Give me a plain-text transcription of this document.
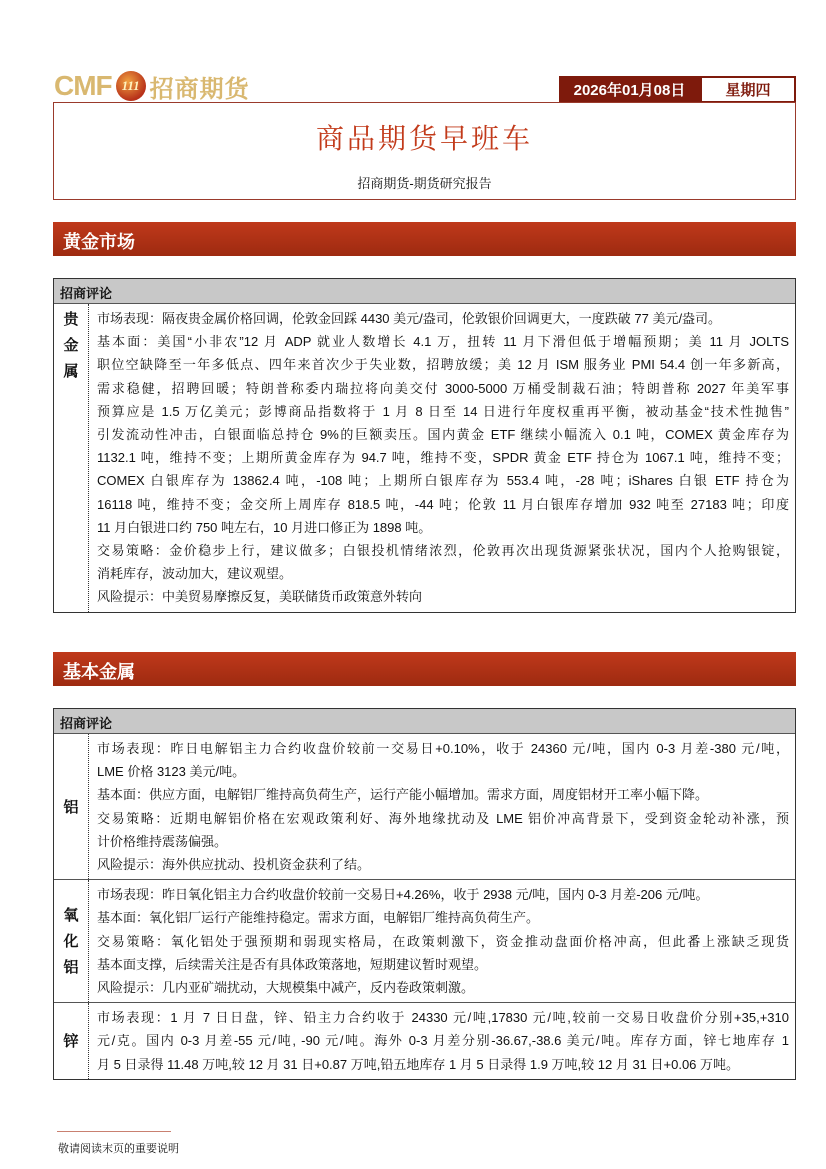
CMF 111 招商期货	2026年01月08日	星期四
商品期货早班车
招商期货-期货研究报告
黄金市场
招商评论
贵
金
属
市场表现：隔夜贵金属价格回调，伦敦金回踩 4430 美元/盎司，伦敦银价回调更大，一度跌破 77 美元/盎司。
基本面：美国“小非农”12 月 ADP 就业人数增长 4.1 万，扭转 11 月下滑但低于增幅预期；美 11 月 JOLTS
职位空缺降至一年多低点、四年来首次少于失业数，招聘放缓；美 12 月 ISM 服务业 PMI 54.4 创一年多新高，
需求稳健，招聘回暖；特朗普称委内瑞拉将向美交付 3000-5000 万桶受制裁石油；特朗普称 2027 年美军事
预算应是 1.5 万亿美元；彭博商品指数将于 1 月 8 日至 14 日进行年度权重再平衡，被动基金“技术性抛售”
引发流动性冲击，白银面临总持仓 9%的巨额卖压。国内黄金 ETF 继续小幅流入 0.1 吨，COMEX 黄金库存为
1132.1 吨，维持不变；上期所黄金库存为 94.7 吨，维持不变，SPDR 黄金 ETF 持仓为 1067.1 吨，维持不变；
COMEX 白银库存为 13862.4 吨，-108 吨；上期所白银库存为 553.4 吨，-28 吨；iShares 白银 ETF 持仓为
16118 吨，维持不变；金交所上周库存 818.5 吨，-44 吨；伦敦 11 月白银库存增加 932 吨至 27183 吨；印度
11 月白银进口约 750 吨左右，10 月进口修正为 1898 吨。
交易策略：金价稳步上行，建议做多；白银投机情绪浓烈，伦敦再次出现货源紧张状况，国内个人抢购银锭，
消耗库存，波动加大，建议观望。
风险提示：中美贸易摩擦反复，美联储货币政策意外转向
基本金属
招商评论
铝
市场表现：昨日电解铝主力合约收盘价较前一交易日+0.10%，收于 24360 元/吨，国内 0-3 月差-380 元/吨，
LME 价格 3123 美元/吨。
基本面：供应方面，电解铝厂维持高负荷生产，运行产能小幅增加。需求方面，周度铝材开工率小幅下降。
交易策略：近期电解铝价格在宏观政策利好、海外地缘扰动及 LME 铝价冲高背景下，受到资金轮动补涨，预
计价格维持震荡偏强。
风险提示：海外供应扰动、投机资金获利了结。
氧
化
铝
市场表现：昨日氧化铝主力合约收盘价较前一交易日+4.26%，收于 2938 元/吨，国内 0-3 月差-206 元/吨。
基本面：氧化铝厂运行产能维持稳定。需求方面，电解铝厂维持高负荷生产。
交易策略：氧化铝处于强预期和弱现实格局，在政策刺激下，资金推动盘面价格冲高，但此番上涨缺乏现货
基本面支撑，后续需关注是否有具体政策落地，短期建议暂时观望。
风险提示：几内亚矿端扰动，大规模集中减产，反内卷政策刺激。
锌
市场表现：1 月 7 日日盘，锌、铅主力合约收于 24330 元/吨,17830 元/吨,较前一交易日收盘价分别+35,+310
元/克。国内 0-3 月差-55 元/吨, -90 元/吨。海外 0-3 月差分别-36.67,-38.6 美元/吨。库存方面，锌七地库存 1
月 5 日录得 11.48 万吨,较 12 月 31 日+0.87 万吨,铅五地库存 1 月 5 日录得 1.9 万吨,较 12 月 31 日+0.06 万吨。
敬请阅读末页的重要说明
